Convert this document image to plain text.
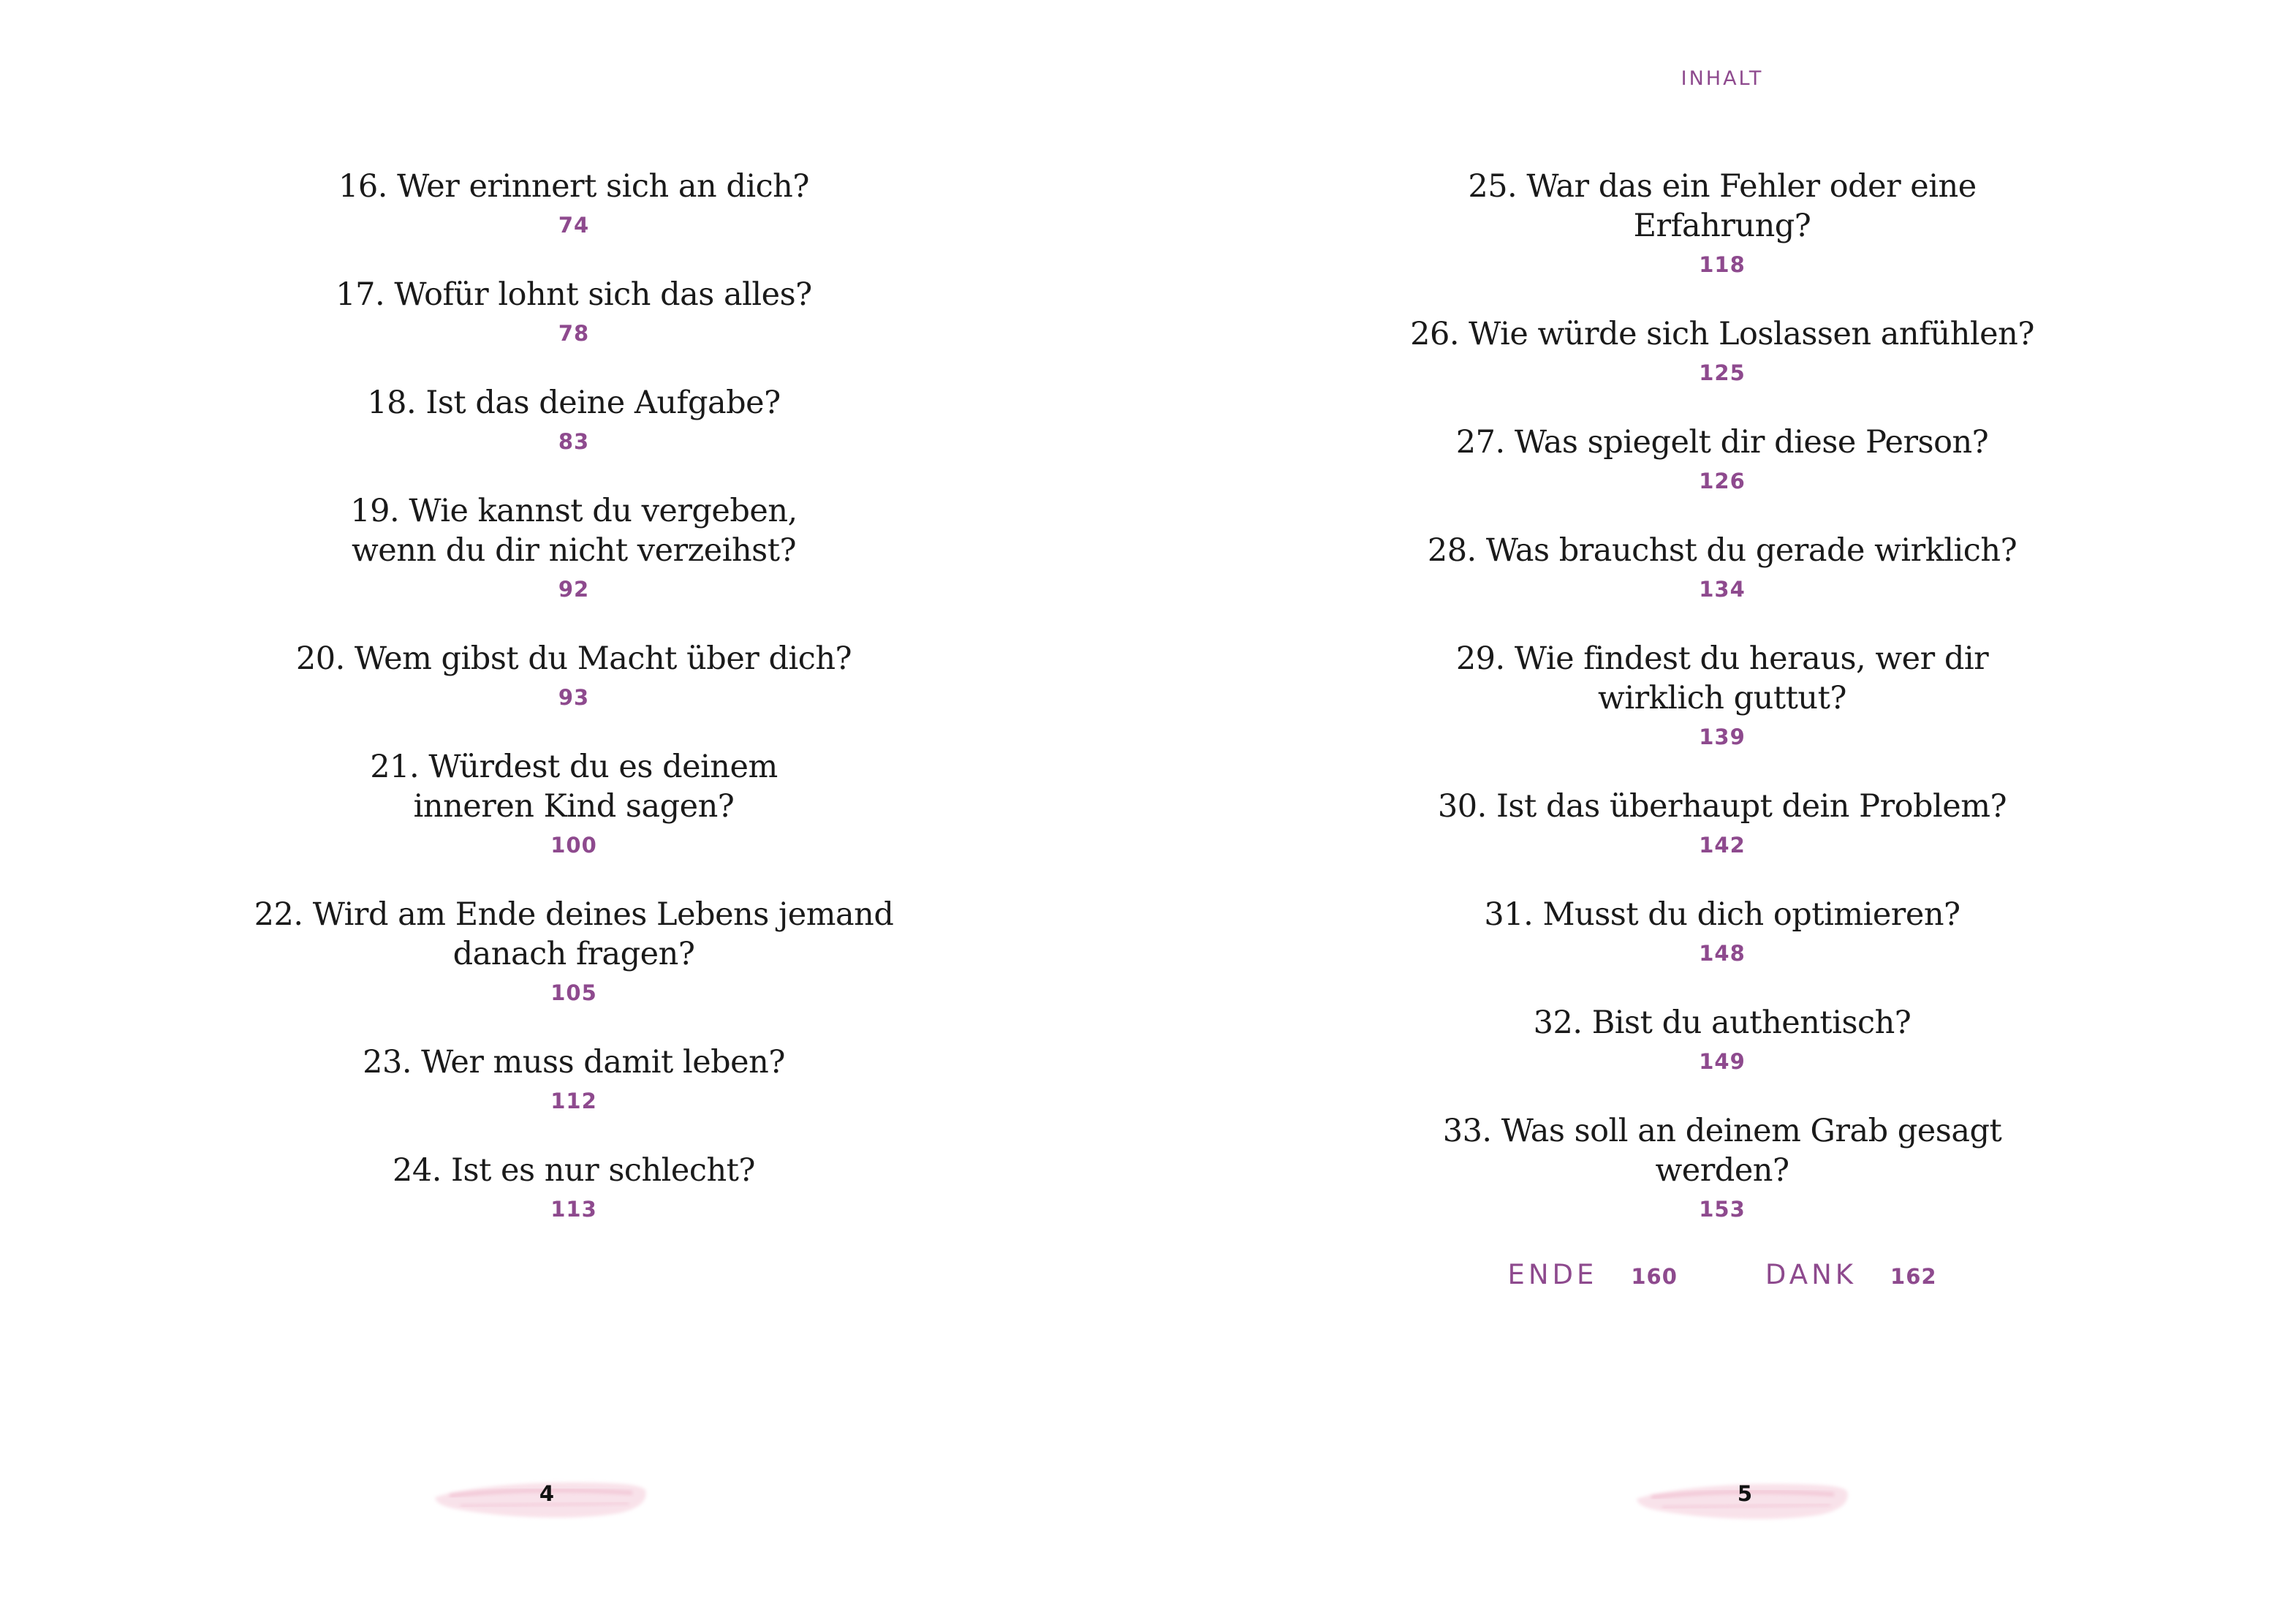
16. Wer erinnert sich an dich?
74
17. Wofür lohnt sich das alles?
78
18. Ist das deine Aufgabe?
83
19. Wie kannst du vergeben,
wenn du dir nicht verzeihst?
92
20. Wem gibst du Macht über dich?
93
21. Würdest du es deinem
inneren Kind sagen?
100
22. Wird am Ende deines Lebens jemand
danach fragen?
105
23. Wer muss damit leben?
112
24. Ist es nur schlecht?
113
4
INHALT
25. War das ein Fehler oder eine Erfahrung?
118
26. Wie würde sich Loslassen anfühlen?
125
27. Was spiegelt dir diese Person?
126
28. Was brauchst du gerade wirklich?
134
29. Wie findest du heraus, wer dir
wirklich guttut?
139
30. Ist das überhaupt dein Problem?
142
31. Musst du dich optimieren?
148
32. Bist du authentisch?
149
33. Was soll an deinem Grab gesagt werden?
153
ENDE 160	DANK 162
5
